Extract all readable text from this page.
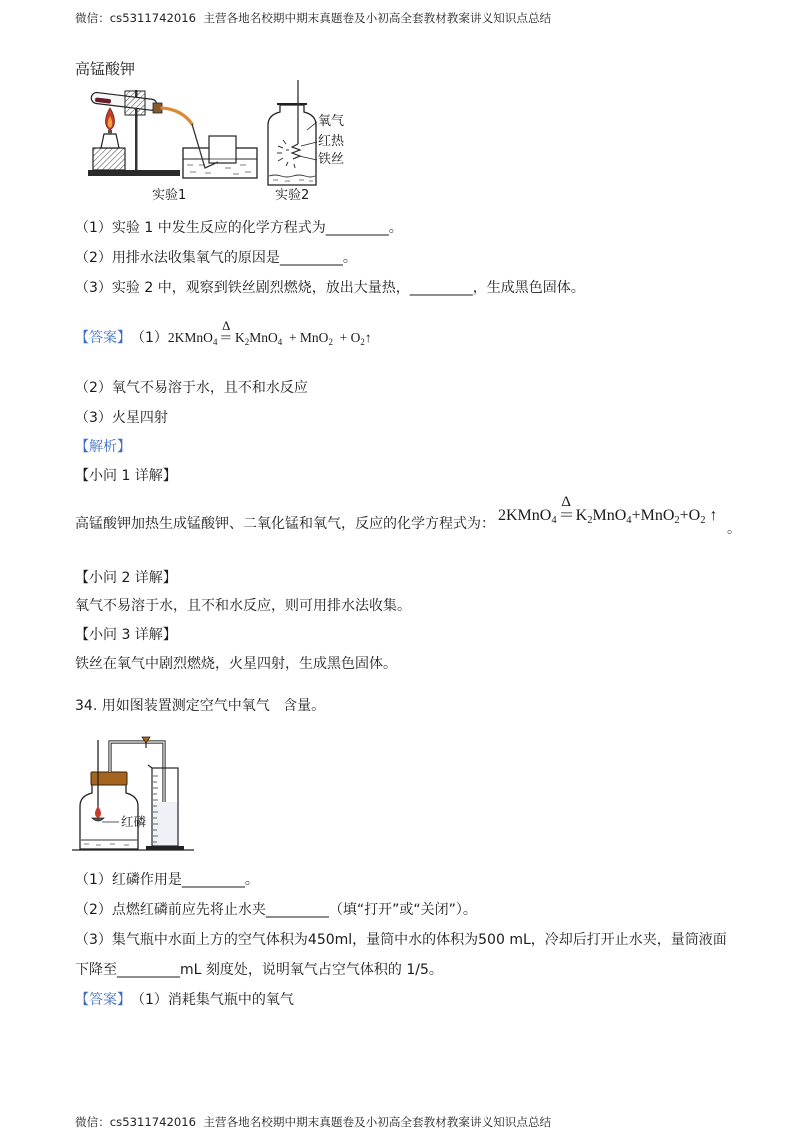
微信：cs5311742016  主营各地名校期中期末真题卷及小初高全套教材教案讲义知识点总结
高锰酸钾
氧气
红热
铁丝
实验1	实验2
（1）实验 1 中发生反应的化学方程式为_________。
（2）用排水法收集氧气的原因是_________。
（3）实验 2 中，观察到铁丝剧烈燃烧，放出大量热，_________，生成黑色固体。
【答案】 （1） 2KMnO 4
Δ
= K 2 MnO 4 + MnO 2 + O 2 ↑
（2）氧气不易溶于水，且不和水反应
（3）火星四射
【解析】
【小问 1 详解】
高锰酸钾加热生成锰酸钾、二氧化锰和氧气，反应的化学方程式为： 2KMnO 4
Δ
= K 2 MnO 4 +MnO 2 +O 2 ↑
。
【小问 2 详解】
氧气不易溶于水，且不和水反应，则可用排水法收集。
【小问 3 详解】
铁丝在氧气中剧烈燃烧，火星四射，生成黑色固体。
34. 用如图装置测定空气中氧气   含量。
红磷
（1）红磷作用是_________。
（2）点燃红磷前应先将止水夹_________（填“打开”或“关闭”）。
（3）集气瓶中水面上方的空气体积为450ml，量筒中水的体积为500 mL，冷却后打开止水夹，量筒液面
下降至_________mL 刻度处，说明氧气占空气体积的 1/5。
【答案】 （1）消耗集气瓶中的氧气
微信：cs5311742016  主营各地名校期中期末真题卷及小初高全套教材教案讲义知识点总结
